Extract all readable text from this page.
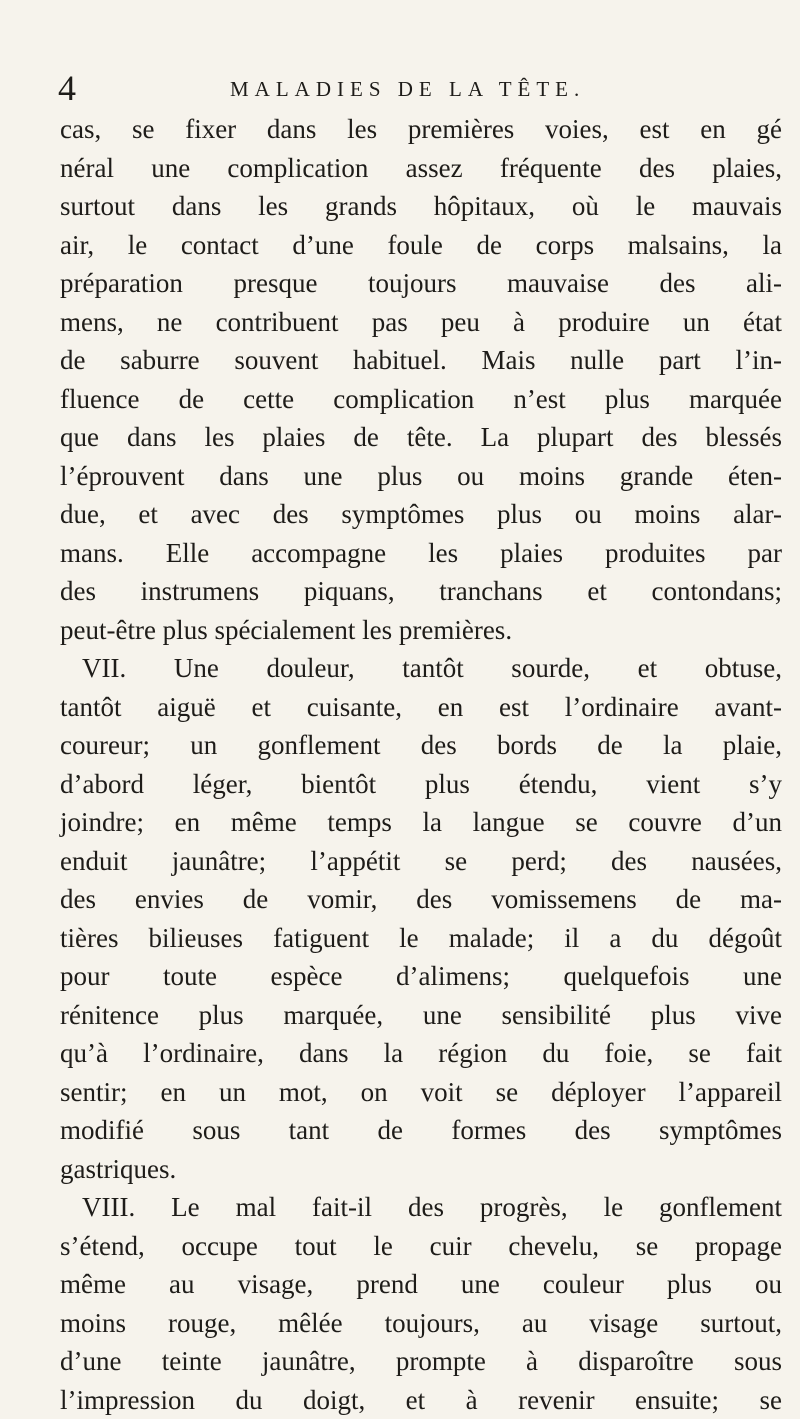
4	MALADIES DE LA TÊTE.
cas, se fixer dans les premières voies, est en gé
néral une complication assez fréquente des plaies,
surtout dans les grands hôpitaux, où le mauvais
air, le contact d’une foule de corps malsains, la
préparation presque toujours mauvaise des ali-
mens, ne contribuent pas peu à produire un état
de saburre souvent habituel. Mais nulle part l’in-
fluence de cette complication n’est plus marquée
que dans les plaies de tête. La plupart des blessés
l’éprouvent dans une plus ou moins grande éten-
due, et avec des symptômes plus ou moins alar-
mans. Elle accompagne les plaies produites par
des instrumens piquans, tranchans et contondans;
peut-être plus spécialement les premières.
VII. Une douleur, tantôt sourde, et obtuse,
tantôt aiguë et cuisante, en est l’ordinaire avant-
coureur; un gonflement des bords de la plaie,
d’abord léger, bientôt plus étendu, vient s’y
joindre; en même temps la langue se couvre d’un
enduit jaunâtre; l’appétit se perd; des nausées,
des envies de vomir, des vomissemens de ma-
tières bilieuses fatiguent le malade; il a du dégoût
pour toute espèce d’alimens; quelquefois une
rénitence plus marquée, une sensibilité plus vive
qu’à l’ordinaire, dans la région du foie, se fait
sentir; en un mot, on voit se déployer l’appareil
modifié sous tant de formes des symptômes
gastriques.
VIII. Le mal fait-il des progrès, le gonflement
s’étend, occupe tout le cuir chevelu, se propage
même au visage, prend une couleur plus ou
moins rouge, mêlée toujours, au visage surtout,
d’une teinte jaunâtre, prompte à disparoître sous
l’impression du doigt, et à revenir ensuite; se
